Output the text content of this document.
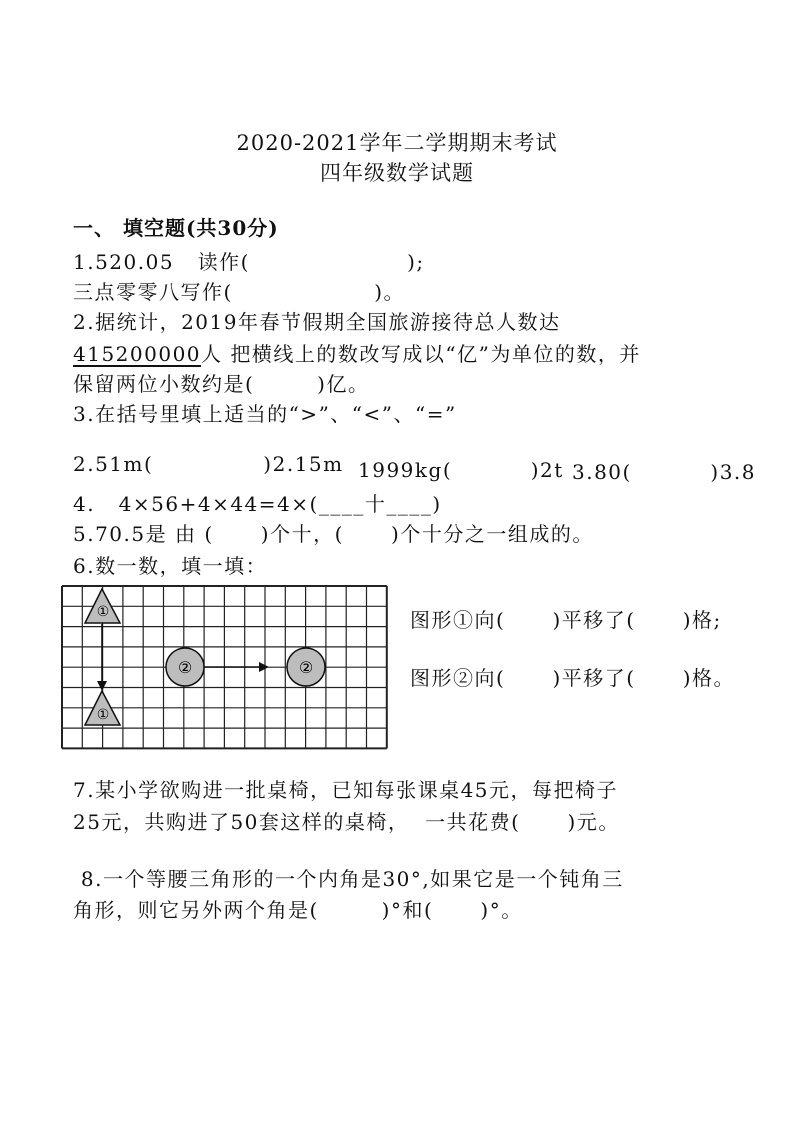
2020-2021学年二学期期末考试
四年级数学试题
一、 填空题(共30分)
1.520.05   读作(                    );
三点零零八写作(                  )。
2.据统计，2019年春节假期全国旅游接待总人数达
415200000人 把横线上的数改写成以“亿”为单位的数，并
保留两位小数约是(        )亿。
3.在括号里填上适当的“>”、“<”、“=”
2.51m(              )2.15m 1999kg(          )2t 3.80(          )3.8
4.   4×56+4×44=4×(____十____)
5.70.5是 由 (      )个十，(      )个十分之一组成的。
6.数一数，填一填：
①
①
②	②
图形①向(      )平移了(      )格;
图形②向(      )平移了(      )格。
7.某小学欲购进一批桌椅，已知每张课桌45元，每把椅子
25元，共购进了50套这样的桌椅，  一共花费(      )元。
8.一个等腰三角形的一个内角是30°,如果它是一个钝角三
角形，则它另外两个角是(        )°和(      )°。
